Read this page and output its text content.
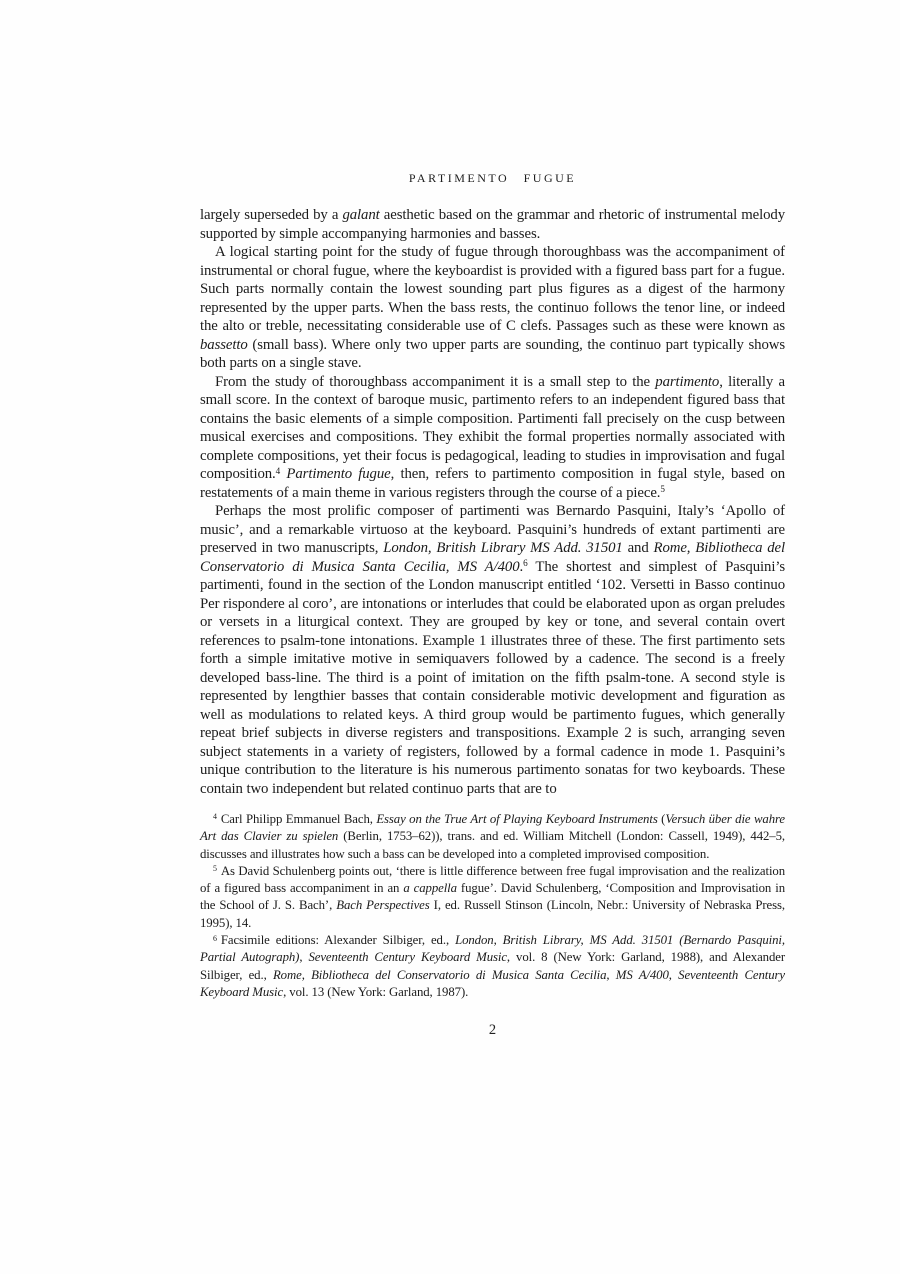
PARTIMENTO FUGUE

largely superseded by a galant aesthetic based on the grammar and rhetoric of instrumental melody supported by simple accompanying harmonies and basses.

A logical starting point for the study of fugue through thoroughbass was the accompaniment of instrumental or choral fugue, where the keyboardist is provided with a figured bass part for a fugue. Such parts normally contain the lowest sounding part plus figures as a digest of the harmony represented by the upper parts. When the bass rests, the continuo follows the tenor line, or indeed the alto or treble, necessitating considerable use of C clefs. Passages such as these were known as bassetto (small bass). Where only two upper parts are sounding, the continuo part typically shows both parts on a single stave.

From the study of thoroughbass accompaniment it is a small step to the partimento, literally a small score. In the context of baroque music, partimento refers to an independent figured bass that contains the basic elements of a simple composition. Partimenti fall precisely on the cusp between musical exercises and compositions. They exhibit the formal properties normally associated with complete compositions, yet their focus is pedagogical, leading to studies in improvisation and fugal composition.$^4$ Partimento fugue, then, refers to partimento composition in fugal style, based on restatements of a main theme in various registers through the course of a piece.$^5$

Perhaps the most prolific composer of partimenti was Bernardo Pasquini, Italy’s ‘Apollo of music’, and a remarkable virtuoso at the keyboard. Pasquini’s hundreds of extant partimenti are preserved in two manuscripts, London, British Library MS Add. 31501 and Rome, Bibliotheca del Conservatorio di Musica Santa Cecilia, MS A/400.$^6$ The shortest and simplest of Pasquini’s partimenti, found in the section of the London manuscript entitled ‘102. Versetti in Basso continuo Per rispondere al coro’, are intonations or interludes that could be elaborated upon as organ preludes or versets in a liturgical context. They are grouped by key or tone, and several contain overt references to psalm-tone intonations. Example 1 illustrates three of these. The first partimento sets forth a simple imitative motive in semiquavers followed by a cadence. The second is a freely developed bass-line. The third is a point of imitation on the fifth psalm-tone. A second style is represented by lengthier basses that contain considerable motivic development and figuration as well as modulations to related keys. A third group would be partimento fugues, which generally repeat brief subjects in diverse registers and transpositions. Example 2 is such, arranging seven subject statements in a variety of registers, followed by a formal cadence in mode 1. Pasquini’s unique contribution to the literature is his numerous partimento sonatas for two keyboards. These contain two independent but related continuo parts that are to

$^4$ Carl Philipp Emmanuel Bach, Essay on the True Art of Playing Keyboard Instruments (Versuch über die wahre Art das Clavier zu spielen (Berlin, 1753–62)), trans. and ed. William Mitchell (London: Cassell, 1949), 442–5, discusses and illustrates how such a bass can be developed into a completed improvised composition.

$^5$ As David Schulenberg points out, ‘there is little difference between free fugal improvisation and the realization of a figured bass accompaniment in an a cappella fugue’. David Schulenberg, ‘Composition and Improvisation in the School of J. S. Bach’, Bach Perspectives I, ed. Russell Stinson (Lincoln, Nebr.: University of Nebraska Press, 1995), 14.

$^6$ Facsimile editions: Alexander Silbiger, ed., London, British Library, MS Add. 31501 (Bernardo Pasquini, Partial Autograph), Seventeenth Century Keyboard Music, vol. 8 (New York: Garland, 1988), and Alexander Silbiger, ed., Rome, Bibliotheca del Conservatorio di Musica Santa Cecilia, MS A/400, Seventeenth Century Keyboard Music, vol. 13 (New York: Garland, 1987).

2
